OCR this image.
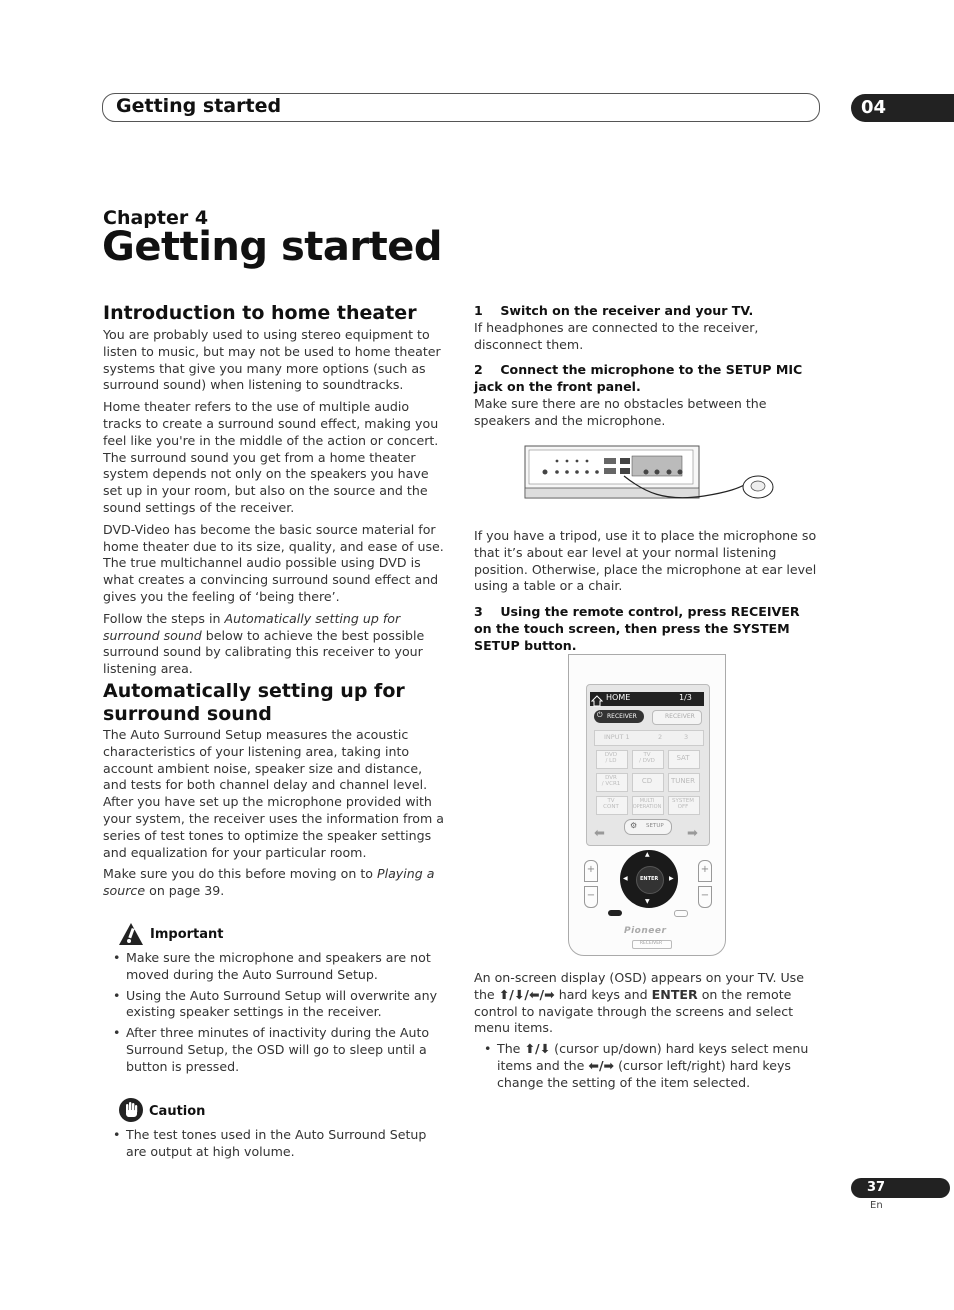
Getting started	04
Chapter 4
Getting started
Introduction to home theater

You are probably used to using stereo equipment to listen to music, but may not be used to home theater systems that give you many more options (such as surround sound) when listening to soundtracks.

Home theater refers to the use of multiple audio tracks to create a surround sound effect, making you feel like you're in the middle of the action or concert. The surround sound you get from a home theater system depends not only on the speakers you have set up in your room, but also on the source and the sound settings of the receiver.

DVD-Video has become the basic source material for home theater due to its size, quality, and ease of use. The true multichannel audio possible using DVD is what creates a convincing surround sound effect and gives you the feeling of ‘being there’.

Follow the steps in Automatically setting up for surround sound below to achieve the best possible surround sound by calibrating this receiver to your listening area.

Automatically setting up for surround sound

The Auto Surround Setup measures the acoustic characteristics of your listening area, taking into account ambient noise, speaker size and distance, and tests for both channel delay and channel level. After you have set up the microphone provided with your system, the receiver uses the information from a series of test tones to optimize the speaker settings and equalization for your particular room.

Make sure you do this before moving on to Playing a source on page 39.

Important
• Make sure the microphone and speakers are not moved during the Auto Surround Setup.
• Using the Auto Surround Setup will overwrite any existing speaker settings in the receiver.
• After three minutes of inactivity during the Auto Surround Setup, the OSD will go to sleep until a button is pressed.
Caution
• The test tones used in the Auto Surround Setup are output at high volume.
1 Switch on the receiver and your TV.

If headphones are connected to the receiver, disconnect them.

2 Connect the microphone to the SETUP MIC jack on the front panel.

Make sure there are no obstacles between the speakers and the microphone.

If you have a tripod, use it to place the microphone so that it’s about ear level at your normal listening position. Otherwise, place the microphone at ear level using a table or a chair.

3 Using the remote control, press RECEIVER on the touch screen, then press the SYSTEM SETUP button.
HOME	1/3
⏻ RECEIVER	RECEIVER
INPUT 1	2	3
DVD
/ LD
TV
/ DVD	SAT
DVR
/ VCR1	CD	TUNER
TV
CONT
MULTI
OPERATION
SYSTEM
OFF
⬅
⚙ SETUP ➡
+
−
+
−
ENTER
▲
▼
◀	▶
Pioneer
RECEIVER

An on-screen display (OSD) appears on your TV. Use the ⬆/⬇/⬅/➡ hard keys and ENTER on the remote control to navigate through the screens and select menu items.

• The ⬆/⬇ (cursor up/down) hard keys select menu items and the ⬅/➡ (cursor left/right) hard keys change the setting of the item selected.
37
En
